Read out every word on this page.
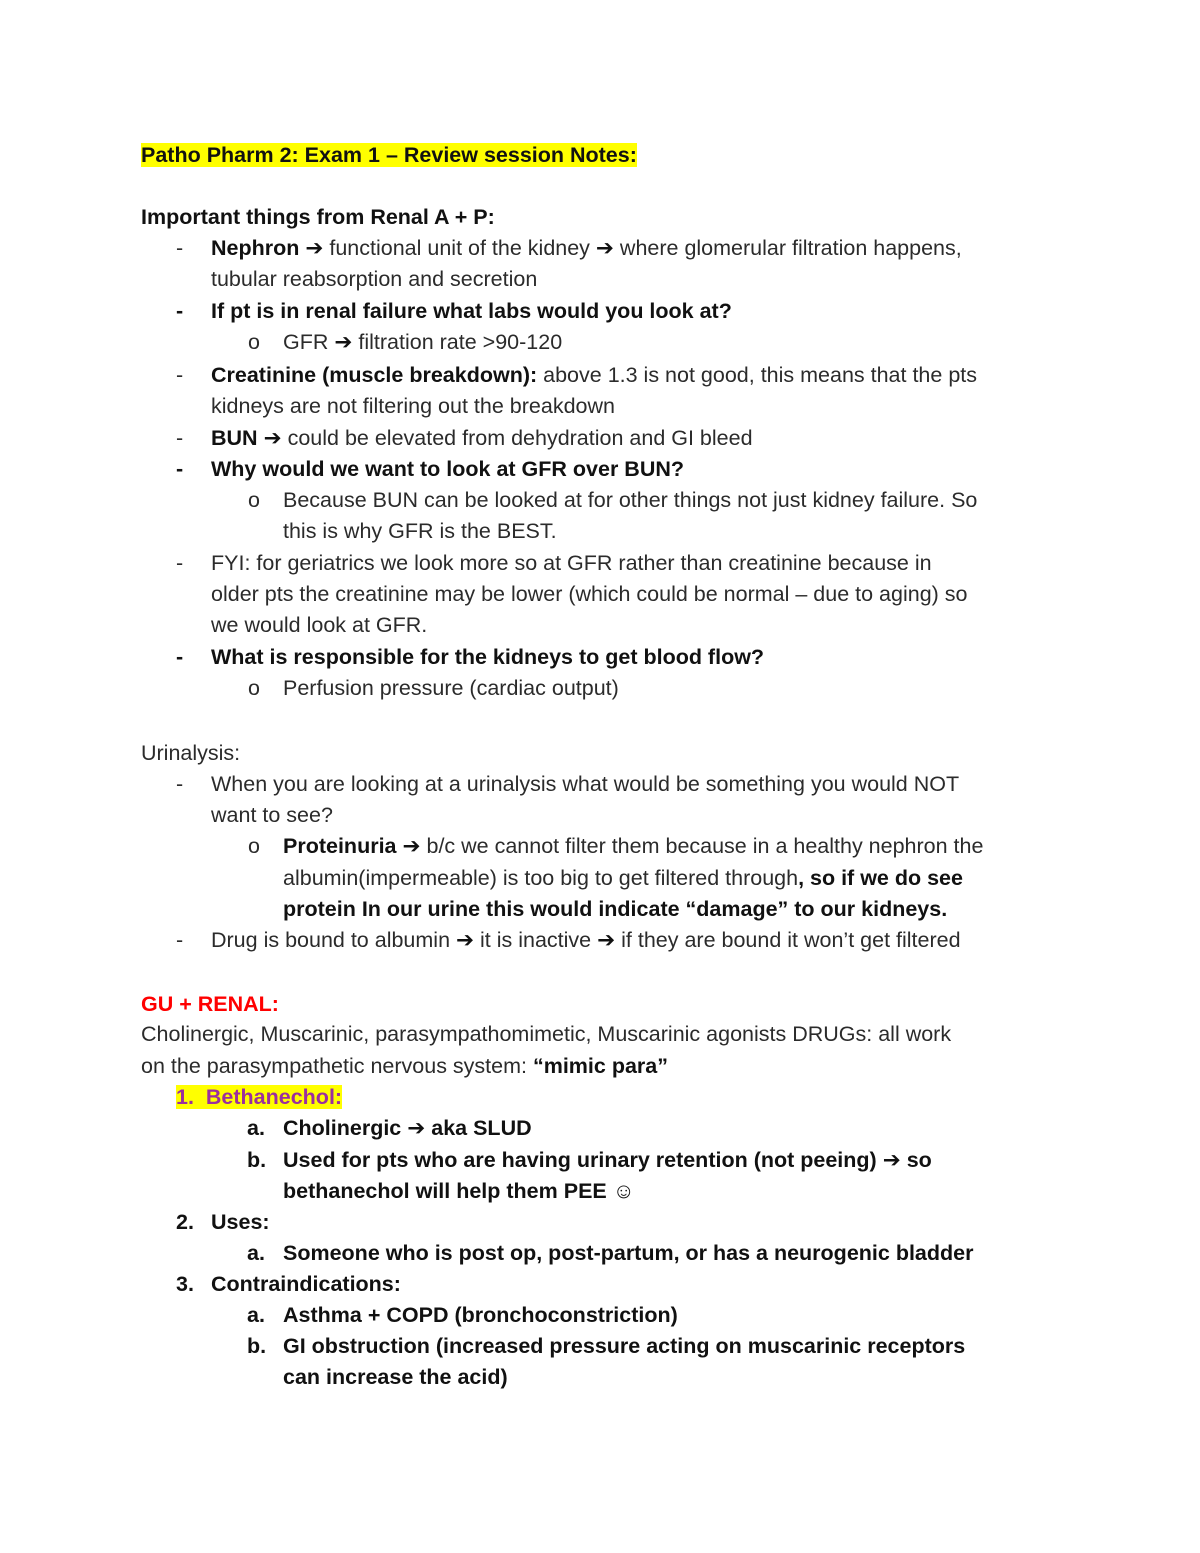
Patho Pharm 2: Exam 1 – Review session Notes:
Important things from Renal A + P:
- Nephron ➔ functional unit of the kidney ➔ where glomerular filtration happens,
tubular reabsorption and secretion
- If pt is in renal failure what labs would you look at?
o GFR ➔ filtration rate >90-120
- Creatinine (muscle breakdown): above 1.3 is not good, this means that the pts
kidneys are not filtering out the breakdown
- BUN ➔ could be elevated from dehydration and GI bleed
- Why would we want to look at GFR over BUN?
o Because BUN can be looked at for other things not just kidney failure. So
this is why GFR is the BEST.
- FYI: for geriatrics we look more so at GFR rather than creatinine because in
older pts the creatinine may be lower (which could be normal – due to aging) so
we would look at GFR.
- What is responsible for the kidneys to get blood flow?
o Perfusion pressure (cardiac output)
Urinalysis:
- When you are looking at a urinalysis what would be something you would NOT
want to see?
o Proteinuria ➔ b/c we cannot filter them because in a healthy nephron the
albumin(impermeable) is too big to get filtered through, so if we do see
protein In our urine this would indicate “damage” to our kidneys.
- Drug is bound to albumin ➔ it is inactive ➔ if they are bound it won’t get filtered
GU + RENAL:
Cholinergic, Muscarinic, parasympathomimetic, Muscarinic agonists DRUGs: all work
on the parasympathetic nervous system: “mimic para”
1. Bethanechol:
a. Cholinergic ➔ aka SLUD
b. Used for pts who are having urinary retention (not peeing) ➔ so
bethanechol will help them PEE ☺
2. Uses:
a. Someone who is post op, post-partum, or has a neurogenic bladder
3. Contraindications:
a. Asthma + COPD (bronchoconstriction)
b. GI obstruction (increased pressure acting on muscarinic receptors
can increase the acid)
